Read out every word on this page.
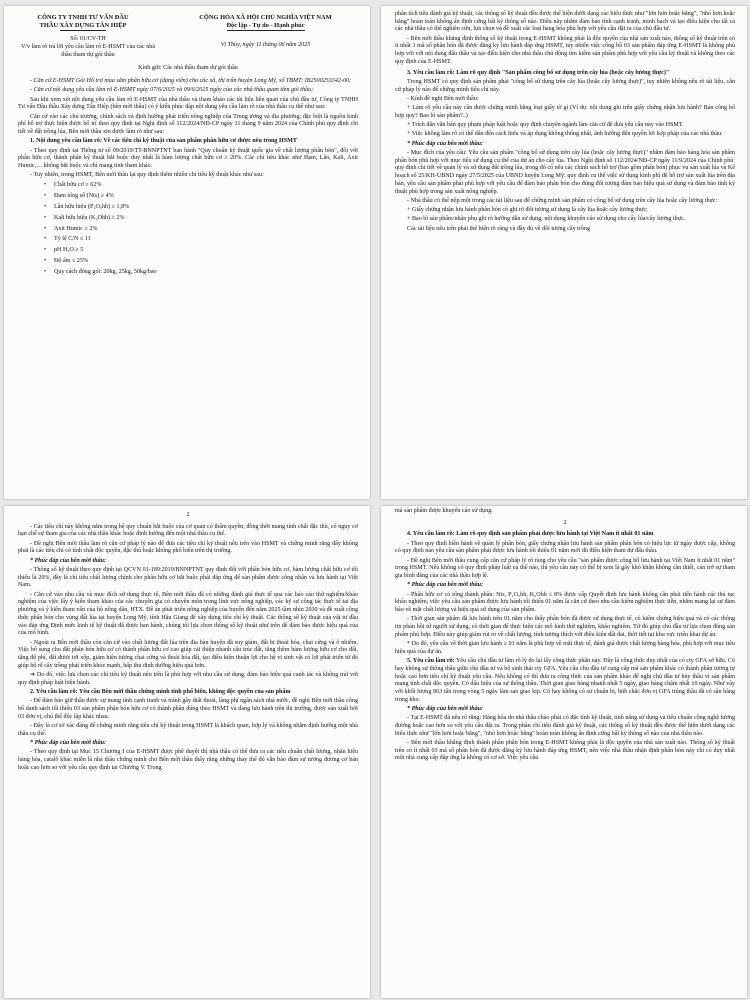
CÔNG TY TNHH TƯ VẤN ĐẦU
THẦU XÂY DỰNG TÂN HIỆP
CỘNG HÒA XÃ HỘI CHỦ NGHĨA VIỆT NAM
Độc lập - Tự do - Hạnh phúc
Số: 01/CV-TH
V/v làm rõ trả lời yêu cầu làm rõ E-HSMT của các nhà thầu tham dự gói thầu
Vị Thủy, ngày 11 tháng 06 năm 2025

Kính gửi: Các nhà thầu tham dự gói thầu

- Căn cứ E-HSMT Gói Hỗ trợ mua sắm phân hữu cơ (dạng viên) cho các xã, thị trấn huyện Long Mỹ, số TBMT: IB2500253342-00;

- Căn cứ nội dung yêu cầu làm rõ E-HSMT ngày 07/6/2025 và 09/6/2025 ngày của các nhà thầu quan tâm gói thầu;

Sau khi xem xét nội dung yêu cầu làm rõ E-HSMT của nhà thầu và tham khảo các tài liệu liên quan của chủ đầu tư, Công ty TNHH Tư vấn Đầu thầu Xây dựng Tân Hiệp (bên mời thầu) có ý kiến phúc đáp nội dung yêu cầu làm rõ của nhà thầu cụ thể như sau:

Căn cứ vào các chủ trương, chính sách và định hướng phát triển nông nghiệp của Trung ương và địa phương; đặc biệt là nguồn kinh phí hỗ trợ thực hiện được bố trí theo quy định tại Nghị định số 112/2024/NĐ-CP ngày 11 tháng 9 năm 2024 của Chính phủ quy định chi tiết về đất trồng lúa, Bên mời thầu xin được làm rõ như sau:

1. Nội dung yêu cầu làm rõ: Về các tiêu chí kỹ thuật của sản phẩm phân hữu cơ được nêu trong HSMT

- Theo quy định tại Thông tư số 09/2019/TT-BNNPTNT ban hành "Quy chuẩn kỹ thuật quốc gia về chất lượng phân bón", đối với phân hữu cơ, thành phần kỹ thuật bắt buộc duy nhất là hàm lượng chất hữu cơ ≥ 20%. Các chỉ tiêu khác như Đạm, Lân, Kali, Axit Humic,… không bắt buộc và chỉ mang tính tham khảo.

- Tuy nhiên, trong HSMT, Bên mời thầu lại quy định thêm nhiều chỉ tiêu kỹ thuật khác như sau:

•	Chất hữu cơ ≥ 62%
•	Đạm tổng số (Nts) ≥ 4%
•	Lân hữu hiệu (P₂O₅hh) ≥ 1,8%
•	Kali hữu hiệu (K₂Ohh) ≥ 2%
•	Axit Humic ≥ 2%
•	Tỷ lệ C/N ≤ 11
•	pH H₂O ≥ 5
•	Độ ẩm ≤ 25%
•	Quy cách đóng gói: 20kg, 25kg, 50kg/bao

phân tích tiêu đánh giá kỹ thuật, các thông số kỹ thuật đều được thể hiện dưới dạng các biểu thức như "lớn hơn hoặc bằng", "nhỏ hơn hoặc bằng" hoàn toàn không ấn định cứng bất kỳ thông số nào. Điều này nhằm đảm bảo tính cạnh tranh, minh bạch và tạo điều kiện cho tất cả các nhà thầu có thể nghiên cứu, lựa chọn và đề xuất các loại hàng hóa phù hợp với yêu cầu đặt ra của chủ đầu tư.

- Bên mời thầu khẳng định thông số kỹ thuật trong E-HSMT không phải là độc quyền của nhà sản xuất nào, thông số kỹ thuật trên có ít nhất 3 mã số phân bón đã được đăng ký lưu hành đáp ứng HSMT, tuy nhiên việc công bố 03 sản phẩm đáp ứng E-HSMT là không phù hợp với với nội dung đấu thầu và tạo điều kiện cho nhà thầu chủ động tìm kiếm sản phẩm phù hợp với yêu cầu kỹ thuật và không theo các quy định của E-HSMT.

3. Yêu cầu làm rõ: Làm rõ quy định "Sản phẩm công bố sử dụng trên cây lúa (hoặc cây lương thực)"

Trong HSMT có quy định sản phẩm phải "công bố sử dụng trên cây lúa (hoặc cây lương thực)", tuy nhiên không nêu rõ tài liệu, căn cứ pháp lý nào để chứng minh tiêu chí này.

- Kính đề nghị Bên mời thầu:

+ Làm rõ yêu cầu này cần được chứng minh bằng loại giấy tờ gì (Ví dụ: nội dung ghi trên giấy chứng nhận lưu hành? Bản công bố hợp quy? Bao bì sản phẩm?..)

+ Trích dẫn văn bản quy phạm pháp luật hoặc quy định chuyên ngành làm căn cứ để đưa yêu cầu này vào HSMT.

+ Việc không làm rõ có thể dẫn đến cách hiểu và áp dụng không thống nhất, ảnh hướng đến quyền lợi hợp pháp của các nhà thầu.

* Phúc đáp của bên mời thầu:

- Mục đích của yêu cầu: Yêu cầu sản phẩm "công bố sử dụng trên cây lúa (hoặc cây lương thực)" nhằm đảm bảo hàng hóa sản phẩm phân bón phù hợp với mục tiêu sử dụng cụ thể của dự án cho cây lúa. Theo Nghị định số 112/2024/NĐ-CP ngày 11/9/2024 của Chính phủ: quy định chi tiết về quản lý và sử dụng đất trồng lúa, trong đó có nêu các chính sách hỗ trợ (bao gồm phân bón) phục vụ sản xuất lúa và Kế hoạch số 25/KH-UBND ngày 27/5/2025 của UBND huyện Long Mỹ: quy định cụ thể việc sử dụng kinh phí để hỗ trợ sản xuất lúa trên địa bàn, yêu cầu sản phẩm phải phù hợp với yêu cầu để đảm bảo phân bón cho đúng đối tượng đảm bảo hiệu quả sử dụng và đảm bảo tính kỹ thuật phù hợp trong sản xuất nông nghiệp.

- Nhà thầu có thể nộp một trong các tài liệu sau để chứng minh sản phẩm có công bố sử dụng trên cây lúa hoặc cây lương thực:

+ Giấy chứng nhận lưu hành phân bón có ghi rõ đối tượng sử dụng là cây lúa hoặc cây lương thực;

+ Bao bì sản phẩm/nhãn phụ ghi rõ hướng dẫn sử dụng, nội dung khuyến cáo sử dụng cho cây lúa/cây lương thực.

Các tài liệu nêu trên phải thể hiện rõ ràng và đầy đủ về đối tượng cây trồng

2

- Các tiêu chí này không nằm trong hệ quy chuẩn bắt buộc của cơ quan có thẩm quyền, đồng thời mang tính chất đặc thù, có nguy cơ hạn chế sự tham gia của các nhà thầu khác hoặc định hướng đến một nhà thầu cụ thể.

- Đề nghị Bên mời thầu làm rõ căn cứ pháp lý nào để đưa các tiêu chí kỹ thuật nêu trên vào HSMT và chứng minh rằng đây không phải là các tiêu chí có tính chất độc quyền, đặc thù hoặc không phổ biến trên thị trường.

* Phúc đáp của bên mời thầu:

- Thông số kỹ thuật theo quy định tại QCVN 01-189:2019/BNNPTNT quy định đối với phân bón hữu cơ, hàm lượng chất hữu cơ tối thiểu là 20%, đây là chỉ tiêu chất lượng chính cho phân hữu cơ bắt buộc phải đáp ứng để sản phẩm được công nhận và lưu hành tại Việt Nam.

- Căn cứ vào nhu cầu và mục đích sử dụng thực tế, Bên mời thầu đã có những đánh giá thực tế qua các báo cáo thử nghiệm/khảo nghiệm của việc lấy ý kiến tham khảo của các chuyên gia có chuyên môn trong lĩnh vực nông nghiệp, các kỹ sư công tác thực tế tại địa phương và ý kiến tham vấn của hộ nông dân, HTX. Đề án phát triển nông nghiệp của huyện đến năm 2025 tầm nhìn 2030 và đề xuất công thức phân bón cho vùng đất lúa tại huyện Long Mỹ, tỉnh Hậu Giang để xây dựng tiêu chí kỹ thuật. Các thông số kỹ thuật của vật tư đầu vào đáp ứng Định mức kinh tế kỹ thuật đã được ban hành, chúng tôi lựa chọn thông số kỹ thuật như trên để đảm bảo được hiệu quả của của mô hình.

- Ngoài ra Bên mời thầu còn căn cứ vào chất lượng đất lúa trên địa bàn huyện đã suy giảm, đất bị thoái hóa, chai cứng và ô nhiễm. Việc bổ sung cho đất phân bón hữu cơ có thành phần hữu cơ cao giúp cải thiện nhanh cấu trúc đất, tăng thêm hàm lượng hữu cơ cho đất, tăng độ phì, đất được tơi xốp, giảm hiện tượng chai cứng và thoái hóa đất, tạo điều kiện thuận lợi cho hệ vi sinh vật có lợi phát triển từ đó giúp bộ rễ cây trồng phát triển khỏe mạnh, hấp thu dinh dưỡng hiệu quả hơn.

➔ Do đó, việc lựa chọn các chỉ tiêu kỹ thuật nêu trên là phù hợp với nhu cầu sử dụng, đảm bảo hiệu quả canh tác và không trái với quy định pháp luật hiện hành.

2. Yêu cầu làm rõ: Yêu cầu Bên mời thầu chứng minh tính phổ biến, không độc quyền của sản phẩm

- Để đảm bảo giữ thầu được sự mang tính cạnh tranh và tránh gây thất thoát, lãng phí ngân sách nhà nước, đề nghị Bên mời thầu công bố danh sách tối thiểu 03 sản phẩm phân bón hữu cơ có thành phần đúng theo HSMT và đang lưu hành trên thị trường, được sản xuất bởi 03 đơn vị, chủ thể độc lập khác nhau.

- Đây là cơ sở xác đáng để chứng minh rằng tiêu chí kỹ thuật trong HSMT là khách quan, hợp lý và không nhằm định hướng một nhà thầu cụ thể.

* Phúc đáp của bên mời thầu:

- Theo quy định tại Mục 15 Chương I của E-HSMT được phê duyệt thì nhà thầu có thể đưa ra các tiêu chuẩn chất lượng, nhãn hiệu hàng hóa, catalô khác miễn là nhà thầu chứng minh cho Bên mời thầu thấy rằng những thay thế đó vẫn bảo đảm sự tương đương cơ bản hoặc cao hơn so với yêu cầu quy định tại Chương V. Trong

mà sản phẩm được khuyến cáo sử dụng.

2

4. Yêu cầu làm rõ: Làm rõ quy định sản phẩm phải được lưu hành tại Việt Nam ít nhất 01 năm

- Theo quy định hiện hành về quản lý phân bón, giấy chứng nhận lưu hành sản phẩm phân bón có hiệu lực từ ngày được cấp, không có quy định nào yêu cầu sản phẩm phải được lưu hành tối thiểu 01 năm mới đủ điều kiện tham dự đấu thầu.

- Đề nghị Bên mời thầu cung cấp căn cứ pháp lý rõ ràng cho yêu cầu "sản phẩm được công bố lưu hành tại Việt Nam ít nhất 01 năm" trong HSMT. Nếu không có quy định pháp luật cụ thể nào, thì yêu cầu này có thể bị xem là gây khó khăn không cần thiết, cản trở sự tham gia bình đẳng của các nhà thầu hợp lệ.

* Phúc đáp của bên mời thầu:

- Phân hữu cơ có tổng thành phần: Nts, P₂O₅hh, K₂Ohh ≤ 8% được cấp Quyết định lưu hành không cần phải tiến hành các thủ tục khảo nghiệm, việc yêu cầu sản phẩm được lưu hành tối thiểu 01 năm là căn cứ theo nhu cầu kiểm nghiệm thực tiễn, nhằm mang lại sự đảm bảo về mặt chất lượng và hiệu quả sử dụng của sản phẩm.

- Thời gian sản phẩm đã lưu hành trên 01 năm cho thấy phân bón đã được sử dụng thực tế, có kiểm chứng hiệu quả và có các thông tin phản hồi từ người sử dụng, có thời gian để thực hiện các mô hình thử nghiệm, khảo nghiệm. Từ đó giúp chủ đầu tư lựa chọn đúng sản phẩm phù hợp. Điều này giúp giảm rủi ro về chất lượng, tính tương thích với điều kiện đất đai, thời tiết tại khu vực triển khai dự án.

* Do đó, yêu cầu về thời gian lưu hành ≥ 01 năm là phù hợp về mặt thực tế, đánh giá được chất lượng hàng hóa, phù hợp với mục tiêu hiệu quả của dự án.

5. Yêu cầu làm rõ: Yêu cầu chủ đầu tư làm rõ lý do lại lấy công thức phân này. Đây là công thức duy nhất của có cty GFA sở hữu. Có hay không sự thông thầu giữa chủ đầu tư và bộ sinh thái cty GFA. Yêu cầu chủ đầu tư cung cấp mã sản phẩm khác có thành phần tương tự hoặc cao hơn tiêu chí kỹ thuật yêu cầu. Nếu không có thì đưa ra công thức của sản phẩm khác để nghị chủ đầu tư hủy thầu vì sản phẩm mang tính chất độc quyền. Có dấu hiệu của sự thông thầu. Thời gian giao hàng nhanh nhất 5 ngày, giao hàng chậm nhất 10 ngày. Như vậy với khối lượng 863 tấn trong vòng 5 ngày làm sao giao kịp. Có hay không có sự chuẩn bị, biết chắc đơn vị GFA trúng thầu đã có sẵn hàng trong kho.

* Phúc đáp của bên mời thầu:

- Tại E-HSMT đã nêu rõ rằng: Hàng hóa do nhà thầu chào phải có đặc tính kỹ thuật, tính năng sử dụng và tiêu chuẩn công nghệ tương đương hoặc cao hơn so với yêu cầu đặt ra. Trong phần chỉ tiêu đánh giá kỹ thuật, các thông số kỹ thuật đều được thể hiện dưới dạng các biểu thức như "lớn hơn hoặc bằng", "nhỏ hơn hoặc bằng" hoàn toàn không ấn định cứng bất kỳ thông số nào của nhà thầu nào.

- Bên mời thầu khẳng định thành phần phân bón trong E-HSMT không phải là độc quyền của nhà sản xuất nào. Thông số kỹ thuật trên có ít nhất 03 mã số phân bón đã được đăng ký lưu hành đáp ứng HSMT, nên việc nhà thầu nhận định phân bón này chỉ có duy nhất một nhà cung cấp đáp ứng là không có cơ sở. Việc yêu cầu
